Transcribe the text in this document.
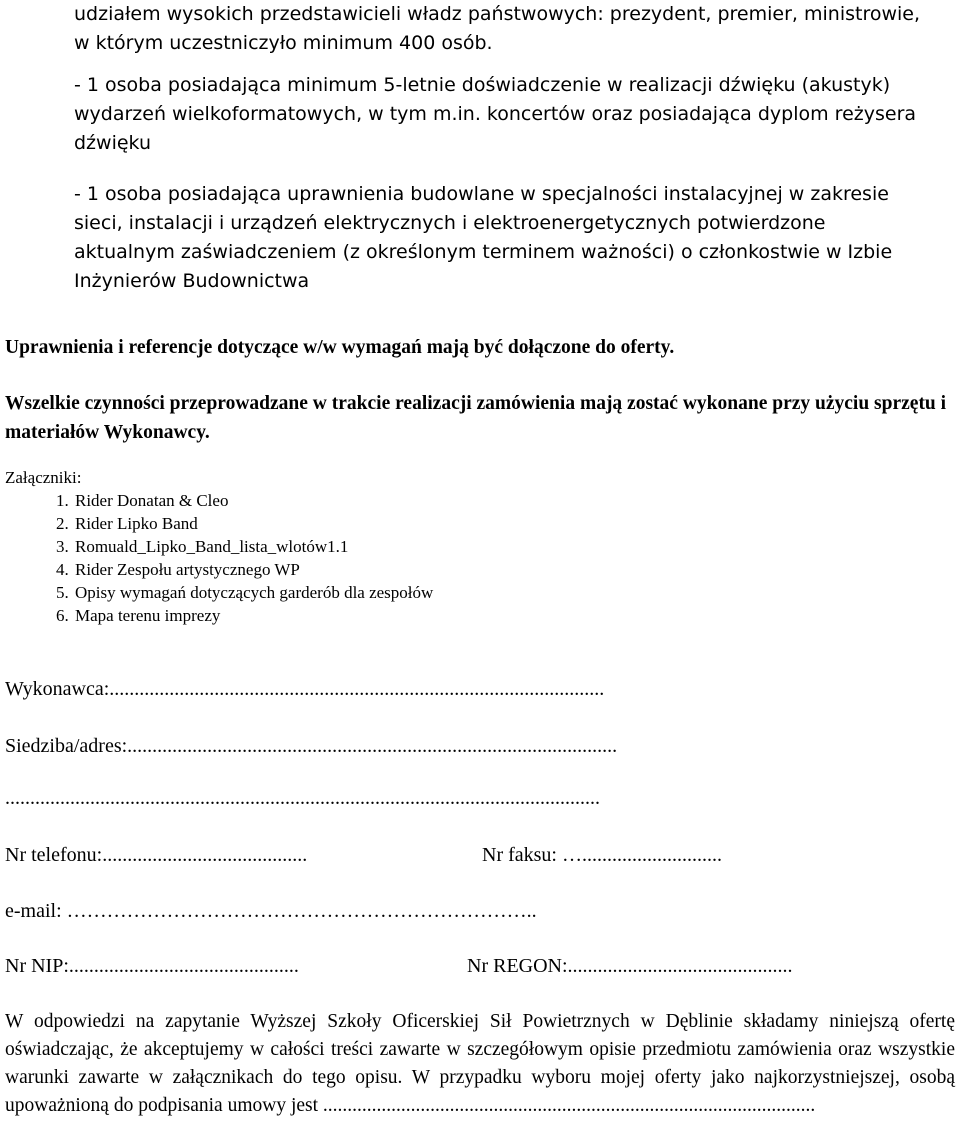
udziałem wysokich przedstawicieli władz państwowych: prezydent, premier, ministrowie, w którym uczestniczyło minimum 400 osób.

- 1 osoba posiadająca minimum 5-letnie doświadczenie w realizacji dźwięku (akustyk) wydarzeń wielkoformatowych, w tym m.in. koncertów oraz posiadająca dyplom reżysera dźwięku

- 1 osoba posiadająca uprawnienia budowlane w specjalności instalacyjnej w zakresie sieci, instalacji i urządzeń elektrycznych i elektroenergetycznych potwierdzone aktualnym zaświadczeniem (z określonym terminem ważności) o członkostwie w Izbie Inżynierów Budownictwa

Uprawnienia i referencje dotyczące w/w wymagań mają być dołączone do oferty.

Wszelkie czynności przeprowadzane w trakcie realizacji zamówienia mają zostać wykonane przy użyciu sprzętu i materiałów Wykonawcy.

Załączniki:

1. Rider Donatan & Cleo
2. Rider Lipko Band
3. Romuald_Lipko_Band_lista_wlotów1.1
4. Rider Zespołu artystycznego WP
5. Opisy wymagań dotyczących garderób dla zespołów
6. Mapa terenu imprezy
Wykonawca:...................................................................................................
Siedziba/adres:..................................................................................................
.......................................................................................................................
Nr telefonu:.........................................	Nr faksu: …............................
e-mail: ……………………………………………………………..
Nr NIP:..............................................	Nr REGON:.............................................

W odpowiedzi na zapytanie Wyższej Szkoły Oficerskiej Sił Powietrznych w Dęblinie składamy niniejszą ofertę oświadczając, że akceptujemy w całości treści zawarte w szczegółowym opisie przedmiotu zamówienia oraz wszystkie warunki zawarte w załącznikach do tego opisu. W przypadku wyboru mojej oferty jako najkorzystniejszej, osobą upoważnioną do podpisania umowy jest .....................................................................................................
